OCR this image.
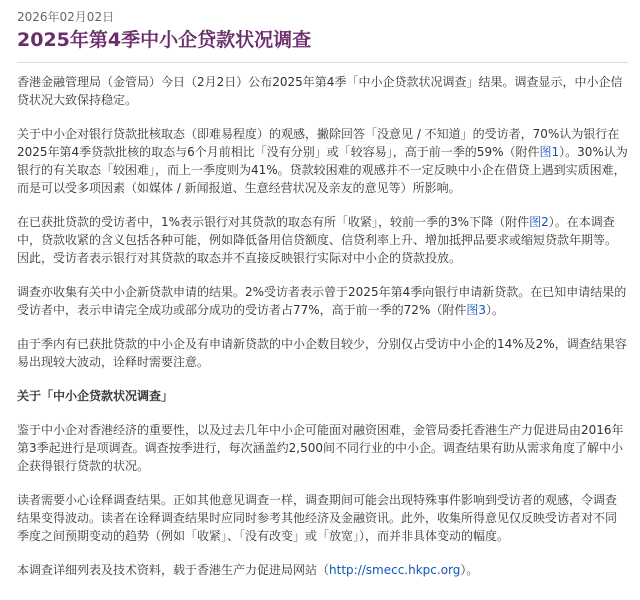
2026年02月02日
2025年第4季中小企贷款状况调查

香港金融管理局（金管局）今日（2月2日）公布2025年第4季「中小企贷款状况调查」结果。调查显示，中小企信贷状况大致保持稳定。

关于中小企对银行贷款批核取态（即难易程度）的观感，撇除回答「没意见 / 不知道」的受访者，70%认为银行在2025年第4季贷款批核的取态与6个月前相比「没有分别」或「较容易」，高于前一季的59%（附件图1）。30%认为银行的有关取态「较困难」，而上一季度则为41%。贷款较困难的观感并不一定反映中小企在借贷上遇到实质困难，而是可以受多项因素（如媒体 / 新闻报道、生意经营状况及亲友的意见等）所影响。

在已获批贷款的受访者中，1%表示银行对其贷款的取态有所「收紧」，较前一季的3%下降（附件图2）。在本调查中，贷款收紧的含义包括各种可能，例如降低备用信贷额度、信贷利率上升、增加抵押品要求或缩短贷款年期等。因此，受访者表示银行对其贷款的取态并不直接反映银行实际对中小企的贷款投放。

调查亦收集有关中小企新贷款申请的结果。2%受访者表示曾于2025年第4季向银行申请新贷款。在已知申请结果的受访者中，表示申请完全成功或部分成功的受访者占77%，高于前一季的72%（附件图3）。

由于季内有已获批贷款的中小企及有申请新贷款的中小企数目较少，分别仅占受访中小企的14%及2%，调查结果容易出现较大波动，诠释时需要注意。

关于「中小企贷款状况调查」

鉴于中小企对香港经济的重要性，以及过去几年中小企可能面对融资困难，金管局委托香港生产力促进局由2016年第3季起进行是项调查。调查按季进行，每次涵盖约2,500间不同行业的中小企。调查结果有助从需求角度了解中小企获得银行贷款的状况。

读者需要小心诠释调查结果。正如其他意见调查一样，调查期间可能会出现特殊事件影响到受访者的观感，令调查结果变得波动。读者在诠释调查结果时应同时参考其他经济及金融资讯。此外，收集所得意见仅反映受访者对不同季度之间预期变动的趋势（例如「收紧」、「没有改变」或「放宽」），而并非具体变动的幅度。

本调查详细列表及技术资料，载于香港生产力促进局网站（http://smecc.hkpc.org）。
